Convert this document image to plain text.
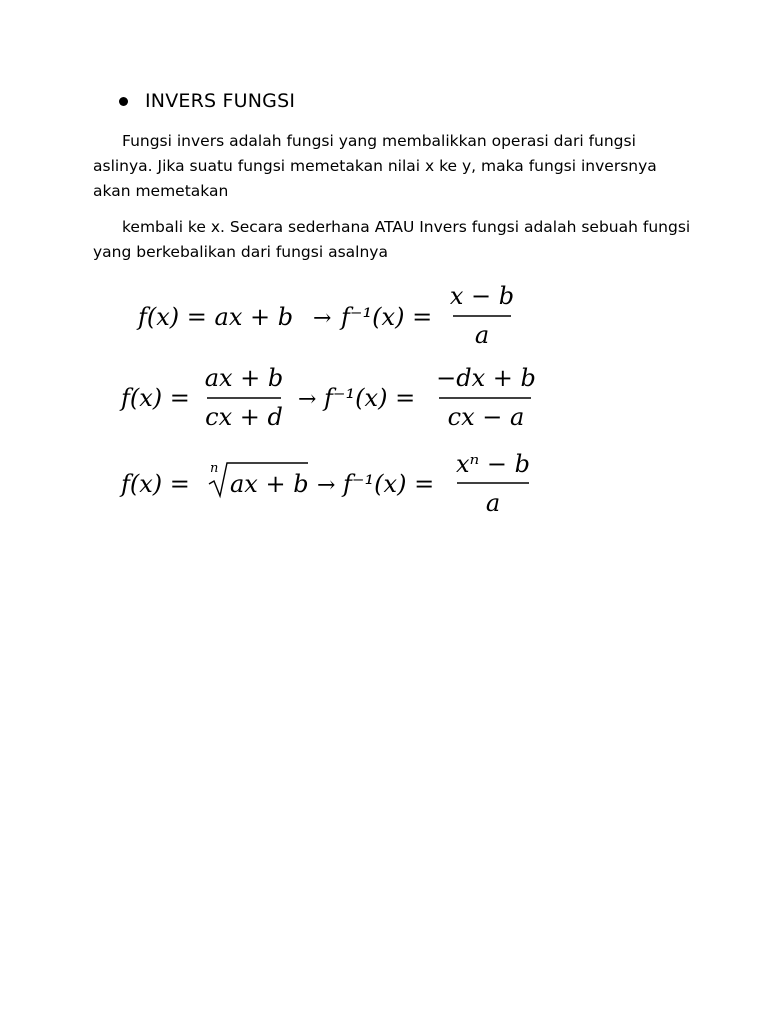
INVERS FUNGSI

Fungsi invers adalah fungsi yang membalikkan operasi dari fungsi aslinya. Jika suatu fungsi memetakan nilai x ke y, maka fungsi inversnya akan memetakan

kembali ke x. Secara sederhana ATAU Invers fungsi adalah sebuah fungsi yang berkebalikan dari fungsi asalnya

f(x) = ax + b → f⁻¹(x) =
x − b
a
f(x) =
ax + b
cx + d
→ f⁻¹(x) =
−dx + b
cx − a
f(x) =
n
ax + b → f⁻¹(x) =
xⁿ − b
a
